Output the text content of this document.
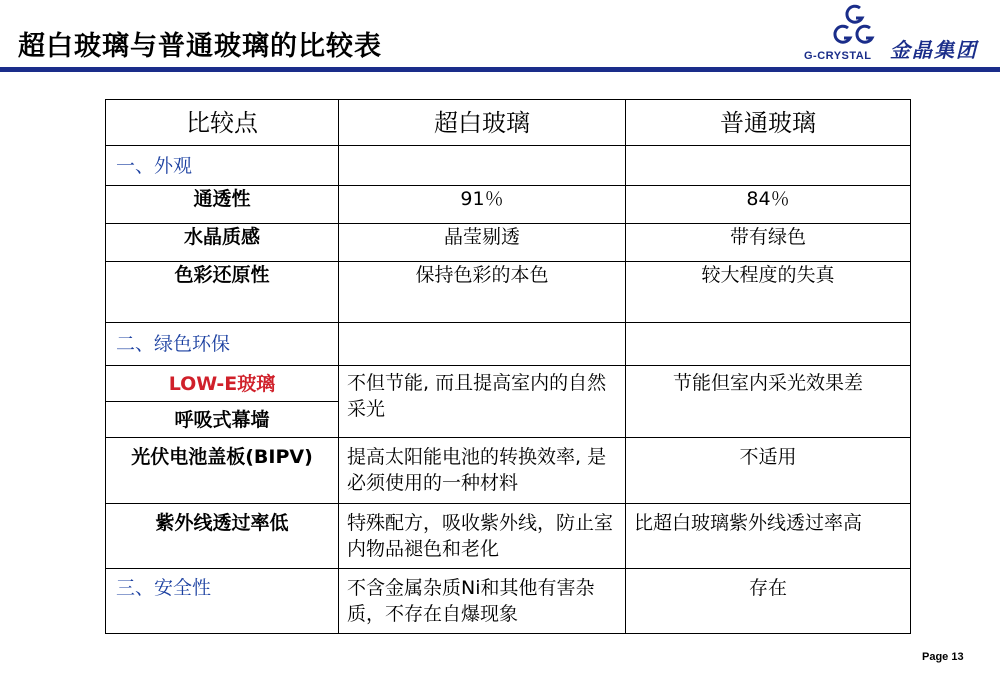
超白玻璃与普通玻璃的比较表	G-CRYSTAL 金晶集团
比较点	超白玻璃	普通玻璃
一、外观		
通透性	91％	84％
水晶质感	晶莹剔透	带有绿色
色彩还原性	保持色彩的本色	较大程度的失真
二、绿色环保		
LOW-E玻璃	不但节能, 而且提高室内的自然采光	节能但室内采光效果差
呼吸式幕墙		
光伏电池盖板(BIPV)	提高太阳能电池的转换效率, 是必须使用的一种材料	不适用
紫外线透过率低	特殊配方，吸收紫外线，防止室内物品褪色和老化	比超白玻璃紫外线透过率高
三、安全性	不含金属杂质Ni和其他有害杂质，不存在自爆现象	存在
Page 13
